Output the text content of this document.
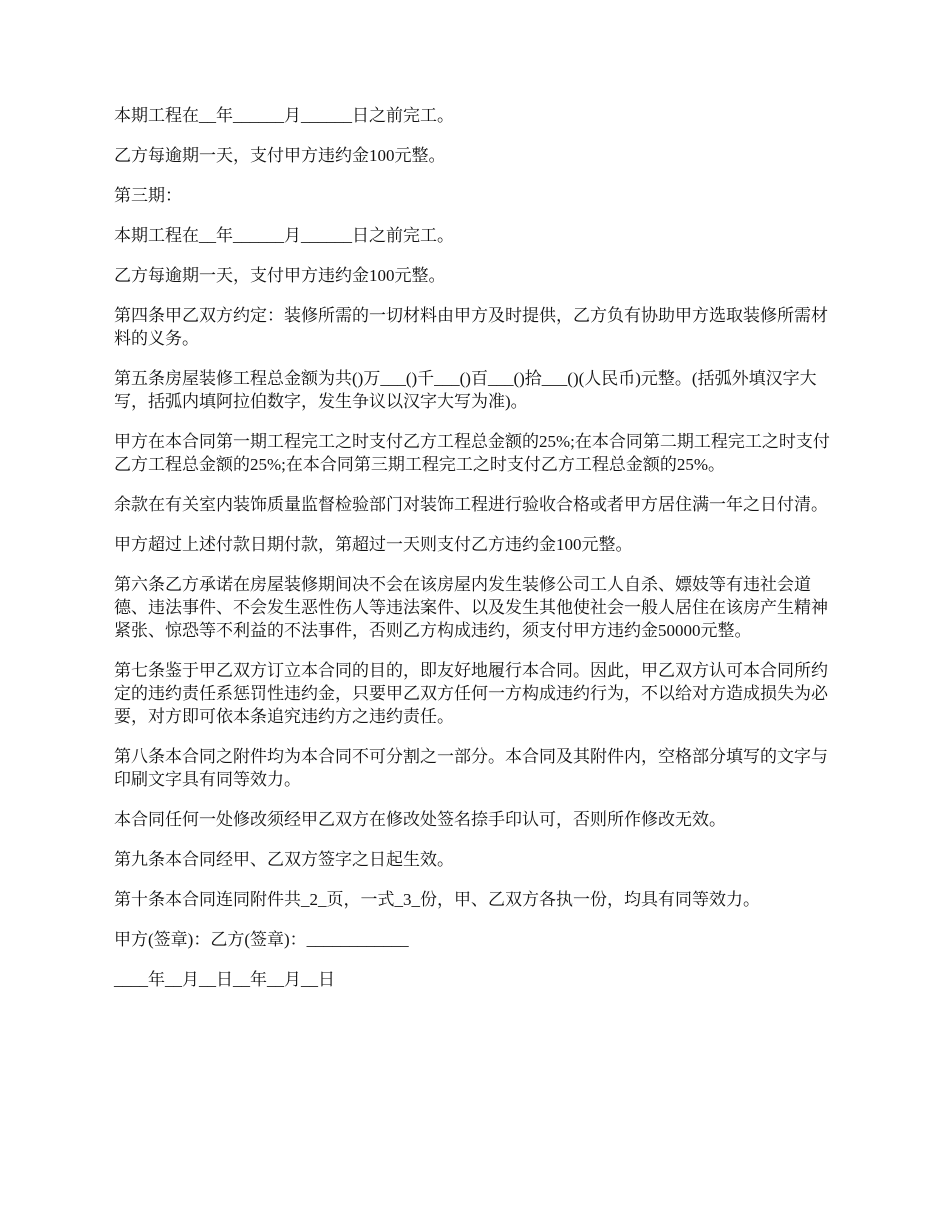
本期工程在__年______月______日之前完工。

乙方每逾期一天，支付甲方违约金100元整。

第三期：

本期工程在__年______月______日之前完工。

乙方每逾期一天，支付甲方违约金100元整。

第四条甲乙双方约定：装修所需的一切材料由甲方及时提供，乙方负有协助甲方选取装修所需材料的义务。

第五条房屋装修工程总金额为共()万___()千___()百___()拾___()(人民币)元整。(括弧外填汉字大写，括弧内填阿拉伯数字，发生争议以汉字大写为准)。

甲方在本合同第一期工程完工之时支付乙方工程总金额的25%;在本合同第二期工程完工之时支付乙方工程总金额的25%;在本合同第三期工程完工之时支付乙方工程总金额的25%。

余款在有关室内装饰质量监督检验部门对装饰工程进行验收合格或者甲方居住满一年之日付清。

甲方超过上述付款日期付款，第超过一天则支付乙方违约金100元整。

第六条乙方承诺在房屋装修期间决不会在该房屋内发生装修公司工人自杀、嫖妓等有违社会道德、违法事件、不会发生恶性伤人等违法案件、以及发生其他使社会一般人居住在该房产生精神紧张、惊恐等不利益的不法事件，否则乙方构成违约，须支付甲方违约金50000元整。

第七条鉴于甲乙双方订立本合同的目的，即友好地履行本合同。因此，甲乙双方认可本合同所约定的违约责任系惩罚性违约金，只要甲乙双方任何一方构成违约行为，不以给对方造成损失为必要，对方即可依本条追究违约方之违约责任。

第八条本合同之附件均为本合同不可分割之一部分。本合同及其附件内，空格部分填写的文字与印刷文字具有同等效力。

本合同任何一处修改须经甲乙双方在修改处签名捺手印认可，否则所作修改无效。

第九条本合同经甲、乙双方签字之日起生效。

第十条本合同连同附件共_2_页，一式_3_份，甲、乙双方各执一份，均具有同等效力。

甲方(签章)：乙方(签章)：____________

____年__月__日__年__月__日
